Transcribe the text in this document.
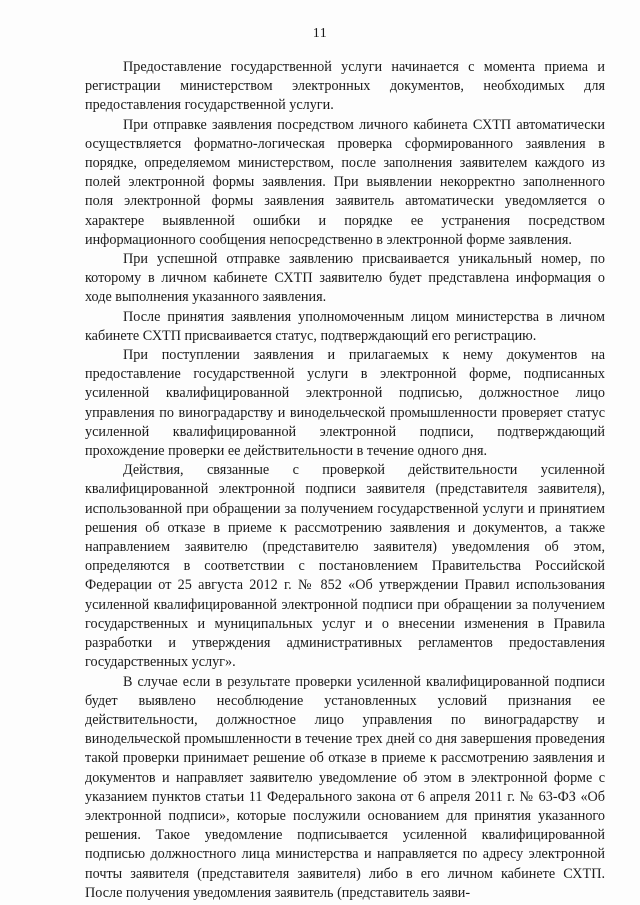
11

Предоставление государственной услуги начинается с момента приема и регистрации министерством электронных документов, необходимых для предоставления государственной услуги.

При отправке заявления посредством личного кабинета СХТП автоматически осуществляется форматно-логическая проверка сформированного заявления в порядке, определяемом министерством, после заполнения заявителем каждого из полей электронной формы заявления. При выявлении некорректно заполненного поля электронной формы заявления заявитель автоматически уведомляется о характере выявленной ошибки и порядке ее устранения посредством информационного сообщения непосредственно в электронной форме заявления.

При успешной отправке заявлению присваивается уникальный номер, по которому в личном кабинете СХТП заявителю будет представлена информация о ходе выполнения указанного заявления.

После принятия заявления уполномоченным лицом министерства в личном кабинете СХТП присваивается статус, подтверждающий его регистрацию.

При поступлении заявления и прилагаемых к нему документов на предоставление государственной услуги в электронной форме, подписанных усиленной квалифицированной электронной подписью, должностное лицо управления по виноградарству и винодельческой промышленности проверяет статус усиленной квалифицированной электронной подписи, подтверждающий прохождение проверки ее действительности в течение одного дня.

Действия, связанные с проверкой действительности усиленной квалифицированной электронной подписи заявителя (представителя заявителя), использованной при обращении за получением государственной услуги и принятием решения об отказе в приеме к рассмотрению заявления и документов, а также направлением заявителю (представителю заявителя) уведомления об этом, определяются в соответствии с постановлением Правительства Российской Федерации от 25 августа 2012 г. № 852 «Об утверждении Правил использования усиленной квалифицированной электронной подписи при обращении за получением государственных и муниципальных услуг и о внесении изменения в Правила разработки и утверждения административных регламентов предоставления государственных услуг».

В случае если в результате проверки усиленной квалифицированной подписи будет выявлено несоблюдение установленных условий признания ее действительности, должностное лицо управления по виноградарству и винодельческой промышленности в течение трех дней со дня завершения проведения такой проверки принимает решение об отказе в приеме к рассмотрению заявления и документов и направляет заявителю уведомление об этом в электронной форме с указанием пунктов статьи 11 Федерального закона от 6 апреля 2011 г. № 63-ФЗ «Об электронной подписи», которые послужили основанием для принятия указанного решения. Такое уведомление подписывается усиленной квалифицированной подписью должностного лица министерства и направляется по адресу электронной почты заявителя (представителя заявителя) либо в его личном кабинете СХТП. После получения уведомления заявитель (представитель заяви-
